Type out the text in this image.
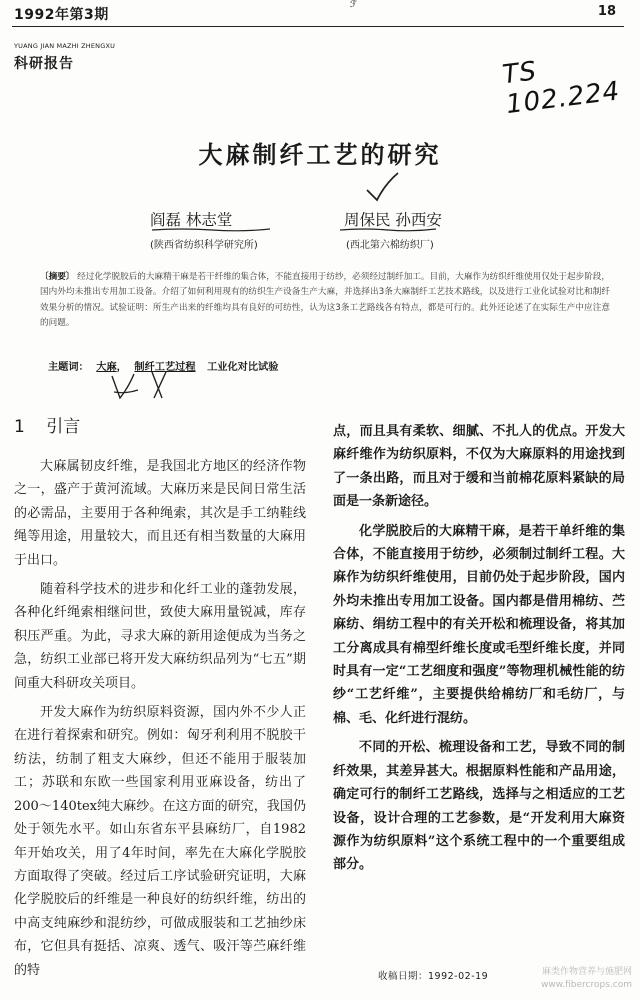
1992年第3期
ℱ	18
YUANG JIAN MAZHI ZHENGXU
科研报告	TS 102.224
大麻制纤工艺的研究
阎磊 林志堂
(陕西省纺织科学研究所)
周保民 孙西安
(西北第六棉纺织厂)
〔摘要〕 经过化学脱胶后的大麻精干麻是若干纤维的集合体，不能直接用于纺纱，必须经过制纤加工。目前，大麻作为纺织纤维使用仅处于起步阶段，国内外均未推出专用加工设备。介绍了如何利用现有的纺织生产设备生产大麻，并选择出3条大麻制纤工艺技术路线，以及进行工业化试验对比和制纤效果分析的情况。试验证明：所生产出来的纤维均具有良好的可纺性，认为这3条工艺路线各有特点，都是可行的。此外还论述了在实际生产中应注意的问题。
主题词： 大麻， 制纤工艺过程 工业化对比试验
1 引言

大麻属韧皮纤维，是我国北方地区的经济作物之一，盛产于黄河流域。大麻历来是民间日常生活的必需品，主要用于各种绳索，其次是手工纳鞋线绳等用途，用量较大，而且还有相当数量的大麻用于出口。

随着科学技术的进步和化纤工业的蓬勃发展，各种化纤绳索相继问世，致使大麻用量锐减，库存积压严重。为此，寻求大麻的新用途便成为当务之急，纺织工业部已将开发大麻纺织品列为“七五”期间重大科研攻关项目。

开发大麻作为纺织原料资源，国内外不少人正在进行着探索和研究。例如：匈牙利利用不脱胶干纺法，纺制了粗支大麻纱，但还不能用于服装加工；苏联和东欧一些国家利用亚麻设备，纺出了200～140tex纯大麻纱。在这方面的研究，我国仍处于领先水平。如山东省东平县麻纺厂，自1982年开始攻关，用了4年时间，率先在大麻化学脱胶方面取得了突破。经过后工序试验研究证明，大麻化学脱胶后的纤维是一种良好的纺织纤维，纺出的中高支纯麻纱和混纺纱，可做成服装和工艺抽纱床布，它但具有挺括、凉爽、透气、吸汗等苎麻纤维的特

点，而且具有柔软、细腻、不扎人的优点。开发大麻纤维作为纺织原料，不仅为大麻原料的用途找到了一条出路，而且对于缓和当前棉花原料紧缺的局面是一条新途径。

化学脱胶后的大麻精干麻，是若干单纤维的集合体，不能直接用于纺纱，必须制过制纤工程。大麻作为纺织纤维使用，目前仍处于起步阶段，国内外均未推出专用加工设备。国内都是借用棉纺、苎麻纺、绢纺工程中的有关开松和梳理设备，将其加工分离成具有棉型纤维长度或毛型纤维长度，并同时具有一定“工艺细度和强度”等物理机械性能的纺纱“工艺纤维”，主要提供给棉纺厂和毛纺厂，与棉、毛、化纤进行混纺。

不同的开松、梳理设备和工艺，导致不同的制纤效果，其差异甚大。根据原料性能和产品用途，确定可行的制纤工艺路线，选择与之相适应的工艺设备，设计合理的工艺参数，是“开发利用大麻资源作为纺织原料”这个系统工程中的一个重要组成部分。

收稿日期：1992-02-19	麻类作物营养与施肥网
www.fibercrops.com
